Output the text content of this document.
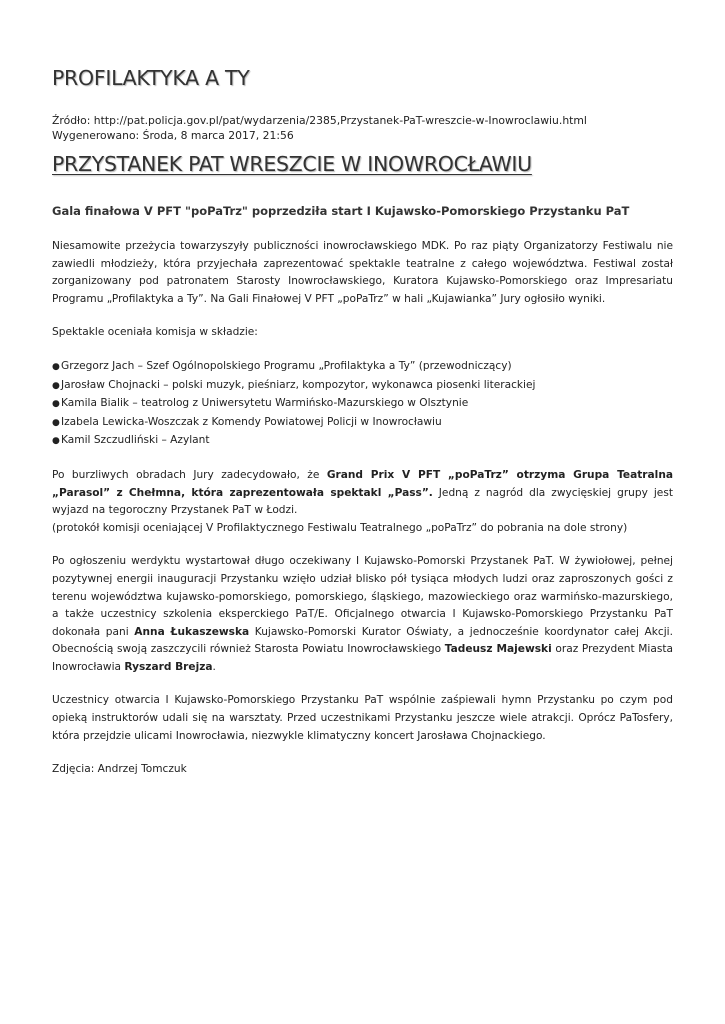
PROFILAKTYKA A TY
Źródło: http://pat.policja.gov.pl/pat/wydarzenia/2385,Przystanek-PaT-wreszcie-w-Inowroclawiu.html
Wygenerowano: Środa, 8 marca 2017, 21:56
PRZYSTANEK PAT WRESZCIE W INOWROCŁAWIU

Gala finałowa V PFT "poPaTrz" poprzedziła start I Kujawsko-Pomorskiego Przystanku PaT

Niesamowite przeżycia towarzyszyły publiczności inowrocławskiego MDK. Po raz piąty Organizatorzy Festiwalu nie zawiedli młodzieży, która przyjechała zaprezentować spektakle teatralne z całego województwa. Festiwal został zorganizowany pod patronatem Starosty Inowrocławskiego, Kuratora Kujawsko-Pomorskiego oraz Impresariatu Programu „Profilaktyka a Ty”. Na Gali Finałowej V PFT „poPaTrz” w hali „Kujawianka” Jury ogłosiło wyniki.

Spektakle oceniała komisja w składzie:

●Grzegorz Jach – Szef Ogólnopolskiego Programu „Profilaktyka a Ty” (przewodniczący)
●Jarosław Chojnacki – polski muzyk, pieśniarz, kompozytor, wykonawca piosenki literackiej
●Kamila Bialik – teatrolog z Uniwersytetu Warmińsko-Mazurskiego w Olsztynie
●Izabela Lewicka-Woszczak z Komendy Powiatowej Policji w Inowrocławiu
●Kamil Szczudliński – Azylant

Po burzliwych obradach Jury zadecydowało, że Grand Prix V PFT „poPaTrz” otrzyma Grupa Teatralna „Parasol” z Chełmna, która zaprezentowała spektakl „Pass”. Jedną z nagród dla zwycięskiej grupy jest wyjazd na tegoroczny Przystanek PaT w Łodzi.
(protokół komisji oceniającej V Profilaktycznego Festiwalu Teatralnego „poPaTrz” do pobrania na dole strony)

Po ogłoszeniu werdyktu wystartował długo oczekiwany I Kujawsko-Pomorski Przystanek PaT. W żywiołowej, pełnej pozytywnej energii inauguracji Przystanku wzięło udział blisko pół tysiąca młodych ludzi oraz zaproszonych gości z terenu województwa kujawsko-pomorskiego, pomorskiego, śląskiego, mazowieckiego oraz warmińsko-mazurskiego, a także uczestnicy szkolenia eksperckiego PaT/E. Oficjalnego otwarcia I Kujawsko-Pomorskiego Przystanku PaT dokonała pani Anna Łukaszewska Kujawsko-Pomorski Kurator Oświaty, a jednocześnie koordynator całej Akcji. Obecnością swoją zaszczycili również Starosta Powiatu Inowrocławskiego Tadeusz Majewski oraz Prezydent Miasta Inowrocławia Ryszard Brejza.

Uczestnicy otwarcia I Kujawsko-Pomorskiego Przystanku PaT wspólnie zaśpiewali hymn Przystanku po czym pod opieką instruktorów udali się na warsztaty. Przed uczestnikami Przystanku jeszcze wiele atrakcji. Oprócz PaTosfery, która przejdzie ulicami Inowrocławia, niezwykle klimatyczny koncert Jarosława Chojnackiego.

Zdjęcia: Andrzej Tomczuk
